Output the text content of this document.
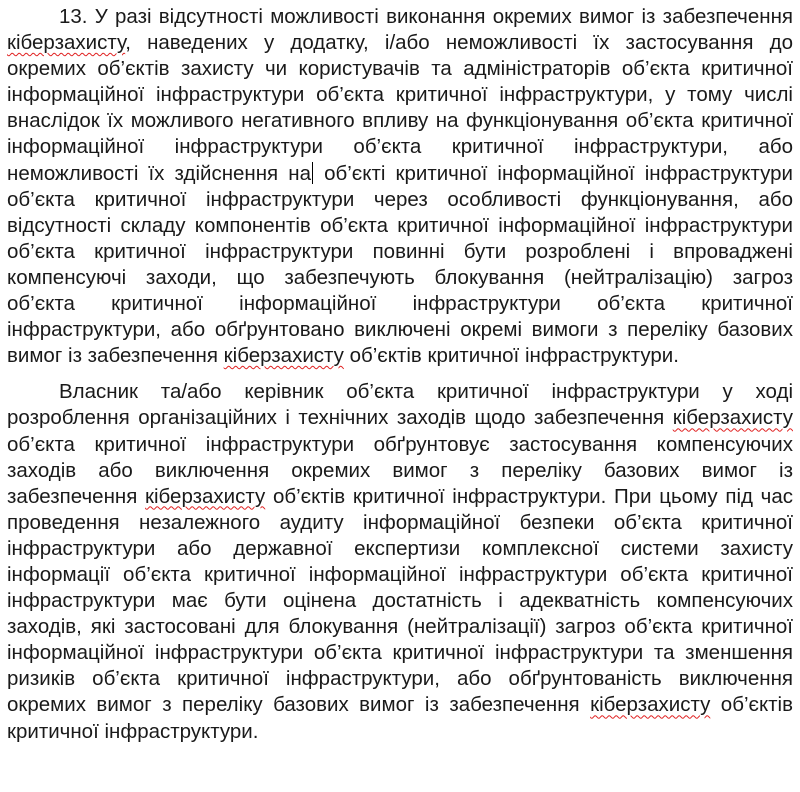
13. У разі відсутності можливості виконання окремих вимог із забезпечення
кіберзахисту, наведених у додатку, і/або неможливості їх застосування до
окремих об’єктів захисту чи користувачів та адміністраторів об’єкта критичної
інформаційної інфраструктури об’єкта критичної інфраструктури, у тому числі
внаслідок їх можливого негативного впливу на функціонування об’єкта критичної
інформаційної інфраструктури об’єкта критичної інфраструктури, або
неможливості їх здійснення на об’єкті критичної інформаційної інфраструктури
об’єкта критичної інфраструктури через особливості функціонування, або
відсутності складу компонентів об’єкта критичної інформаційної інфраструктури
об’єкта критичної інфраструктури повинні бути розроблені і впроваджені
компенсуючі заходи, що забезпечують блокування (нейтралізацію) загроз
об’єкта критичної інформаційної інфраструктури об’єкта критичної
інфраструктури, або обґрунтовано виключені окремі вимоги з переліку базових
вимог із забезпечення кіберзахисту об’єктів критичної інфраструктури.
Власник та/або керівник об’єкта критичної інфраструктури у ході
розроблення організаційних і технічних заходів щодо забезпечення кіберзахисту
об’єкта критичної інфраструктури обґрунтовує застосування компенсуючих
заходів або виключення окремих вимог з переліку базових вимог із
забезпечення кіберзахисту об’єктів критичної інфраструктури. При цьому під час
проведення незалежного аудиту інформаційної безпеки об’єкта критичної
інфраструктури або державної експертизи комплексної системи захисту
інформації об’єкта критичної інформаційної інфраструктури об’єкта критичної
інфраструктури має бути оцінена достатність і адекватність компенсуючих
заходів, які застосовані для блокування (нейтралізації) загроз об’єкта критичної
інформаційної інфраструктури об’єкта критичної інфраструктури та зменшення
ризиків об’єкта критичної інфраструктури, або обґрунтованість виключення
окремих вимог з переліку базових вимог із забезпечення кіберзахисту об’єктів
критичної інфраструктури.
